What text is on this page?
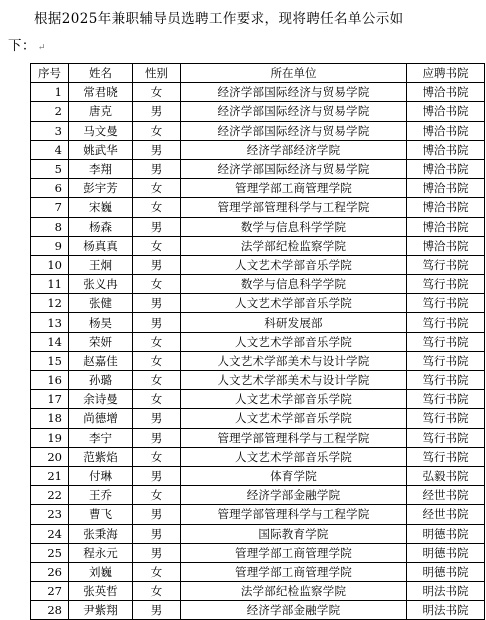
根据2025年兼职辅导员选聘工作要求，现将聘任名单公示如
下： ↵
序号	姓名	性别	所在单位	应聘书院
1	常君晓	女	经济学部国际经济与贸易学院	博洽书院
2	唐克	男	经济学部国际经济与贸易学院	博洽书院
3	马文曼	女	经济学部国际经济与贸易学院	博洽书院
4	姚武华	男	经济学部经济学院	博洽书院
5	李翔	男	经济学部国际经济与贸易学院	博洽书院
6	彭宇芳	女	管理学部工商管理学院	博洽书院
7	宋巍	女	管理学部管理科学与工程学院	博洽书院
8	杨森	男	数学与信息科学学院	博洽书院
9	杨真真	女	法学部纪检监察学院	博洽书院
10	王炯	男	人文艺术学部音乐学院	笃行书院
11	张义冉	女	数学与信息科学学院	笃行书院
12	张健	男	人文艺术学部音乐学院	笃行书院
13	杨昊	男	科研发展部	笃行书院
14	荣妍	女	人文艺术学部音乐学院	笃行书院
15	赵嘉佳	女	人文艺术学部美术与设计学院	笃行书院
16	孙璐	女	人文艺术学部美术与设计学院	笃行书院
17	余诗曼	女	人文艺术学部音乐学院	笃行书院
18	尚德增	男	人文艺术学部音乐学院	笃行书院
19	李宁	男	管理学部管理科学与工程学院	笃行书院
20	范紫焰	女	人文艺术学部音乐学院	笃行书院
21	付琳	男	体育学院	弘毅书院
22	王乔	女	经济学部金融学院	经世书院
23	曹飞	男	管理学部管理科学与工程学院	经世书院
24	张秉海	男	国际教育学院	明德书院
25	程永元	男	管理学部工商管理学院	明德书院
26	刘巍	女	管理学部工商管理学院	明德书院
27	张英哲	女	法学部纪检监察学院	明法书院
28	尹紫翔	男	经济学部金融学院	明法书院
